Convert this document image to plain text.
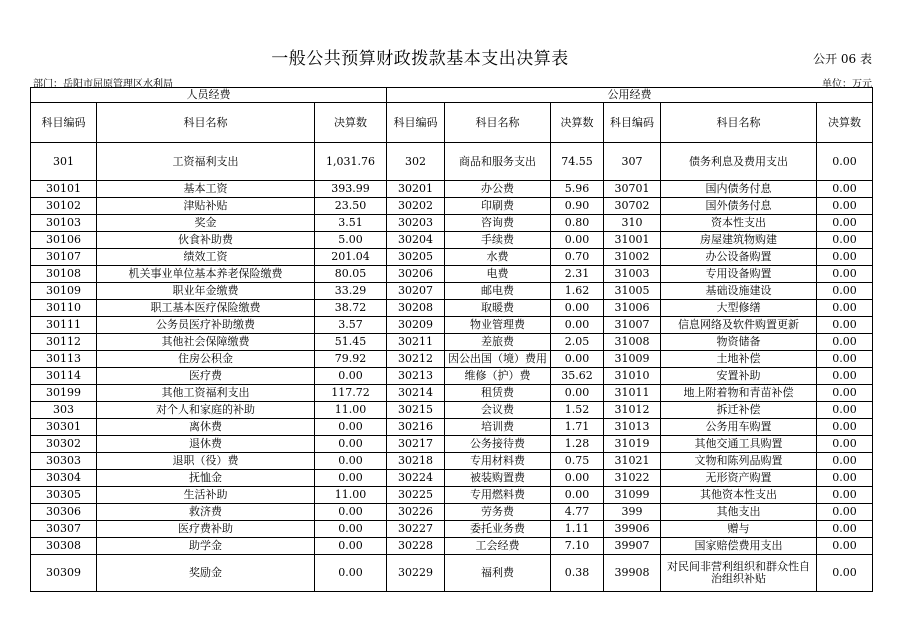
一般公共预算财政拨款基本支出决算表	公开 06 表
部门：岳阳市屈原管理区水利局	单位：万元
人员经费			公用经费					
科目编码	科目名称	决算数	科目编码	科目名称	决算数	科目编码	科目名称	决算数
301	工资福利支出	1,031.76	302	商品和服务支出	74.55	307	债务利息及费用支出	0.00
30101	基本工资	393.99	30201	办公费	5.96	30701	国内债务付息	0.00
30102	津贴补贴	23.50	30202	印刷费	0.90	30702	国外债务付息	0.00
30103	奖金	3.51	30203	咨询费	0.80	310	资本性支出	0.00
30106	伙食补助费	5.00	30204	手续费	0.00	31001	房屋建筑物购建	0.00
30107	绩效工资	201.04	30205	水费	0.70	31002	办公设备购置	0.00
30108	机关事业单位基本养老保险缴费	80.05	30206	电费	2.31	31003	专用设备购置	0.00
30109	职业年金缴费	33.29	30207	邮电费	1.62	31005	基础设施建设	0.00
30110	职工基本医疗保险缴费	38.72	30208	取暖费	0.00	31006	大型修缮	0.00
30111	公务员医疗补助缴费	3.57	30209	物业管理费	0.00	31007	信息网络及软件购置更新	0.00
30112	其他社会保障缴费	51.45	30211	差旅费	2.05	31008	物资储备	0.00
30113	住房公积金	79.92	30212	因公出国（境）费用	0.00	31009	土地补偿	0.00
30114	医疗费	0.00	30213	维修（护）费	35.62	31010	安置补助	0.00
30199	其他工资福利支出	117.72	30214	租赁费	0.00	31011	地上附着物和青苗补偿	0.00
303	对个人和家庭的补助	11.00	30215	会议费	1.52	31012	拆迁补偿	0.00
30301	离休费	0.00	30216	培训费	1.71	31013	公务用车购置	0.00
30302	退休费	0.00	30217	公务接待费	1.28	31019	其他交通工具购置	0.00
30303	退职（役）费	0.00	30218	专用材料费	0.75	31021	文物和陈列品购置	0.00
30304	抚恤金	0.00	30224	被装购置费	0.00	31022	无形资产购置	0.00
30305	生活补助	11.00	30225	专用燃料费	0.00	31099	其他资本性支出	0.00
30306	救济费	0.00	30226	劳务费	4.77	399	其他支出	0.00
30307	医疗费补助	0.00	30227	委托业务费	1.11	39906	赠与	0.00
30308	助学金	0.00	30228	工会经费	7.10	39907	国家赔偿费用支出	0.00
30309	奖励金	0.00	30229	福利费	0.38	39908	对民间非营利组织和群众性自治组织补贴	0.00
